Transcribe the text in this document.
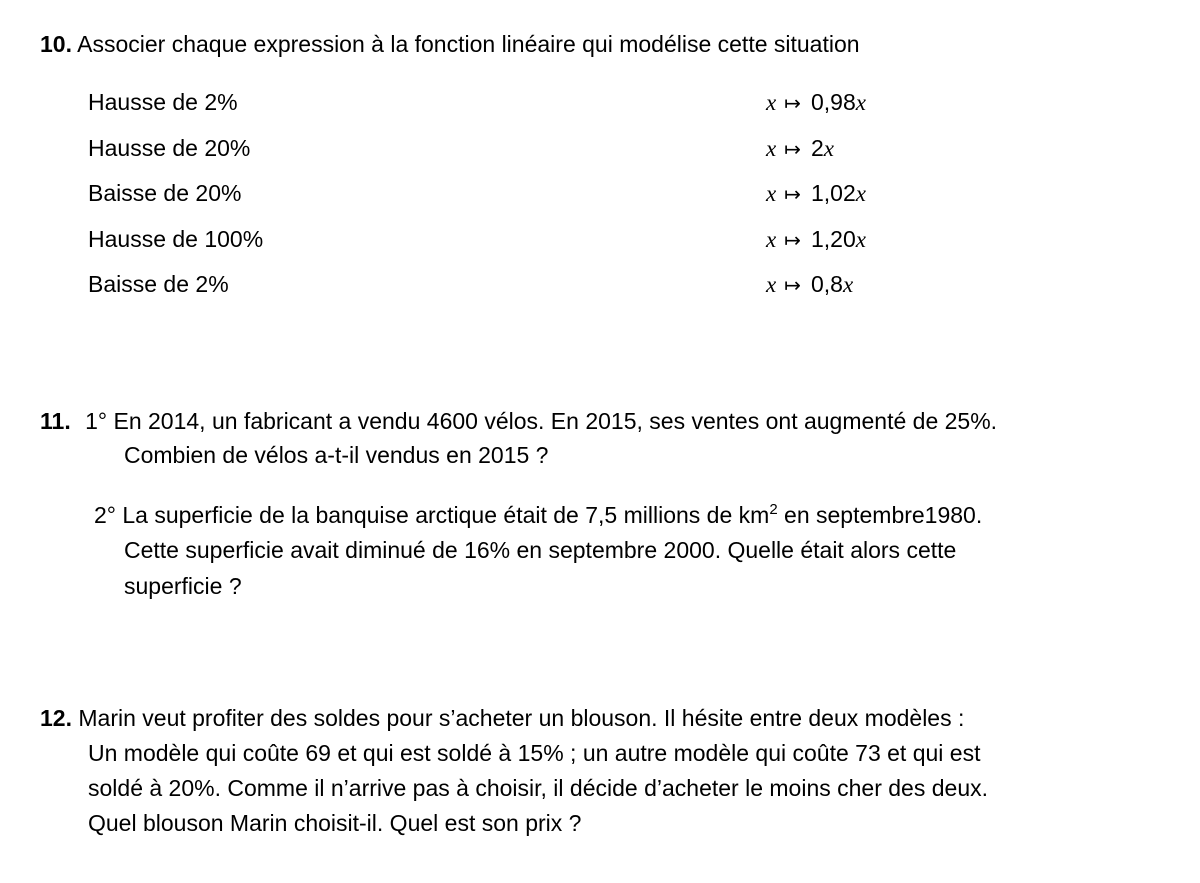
10. Associer chaque expression à la fonction linéaire qui modélise cette situation
Hausse de 2%
Hausse de 20%
Baisse de 20%
Hausse de 100%
Baisse de 2%
x ↦ 0,98x
x ↦ 2x
x ↦ 1,02x
x ↦ 1,20x
x ↦ 0,8x
11. 1° En 2014, un fabricant a vendu 4600 vélos. En 2015, ses ventes ont augmenté de 25%.
Combien de vélos a-t-il vendus en 2015 ?
2° La superficie de la banquise arctique était de 7,5 millions de $km^2$ en septembre1980.
Cette superficie avait diminué de 16% en septembre 2000. Quelle était alors cette
superficie ?
12. Marin veut profiter des soldes pour s’acheter un blouson. Il hésite entre deux modèles :
Un modèle qui coûte 69 et qui est soldé à 15% ; un autre modèle qui coûte 73 et qui est
soldé à 20%. Comme il n’arrive pas à choisir, il décide d’acheter le moins cher des deux.
Quel blouson Marin choisit-il. Quel est son prix ?
